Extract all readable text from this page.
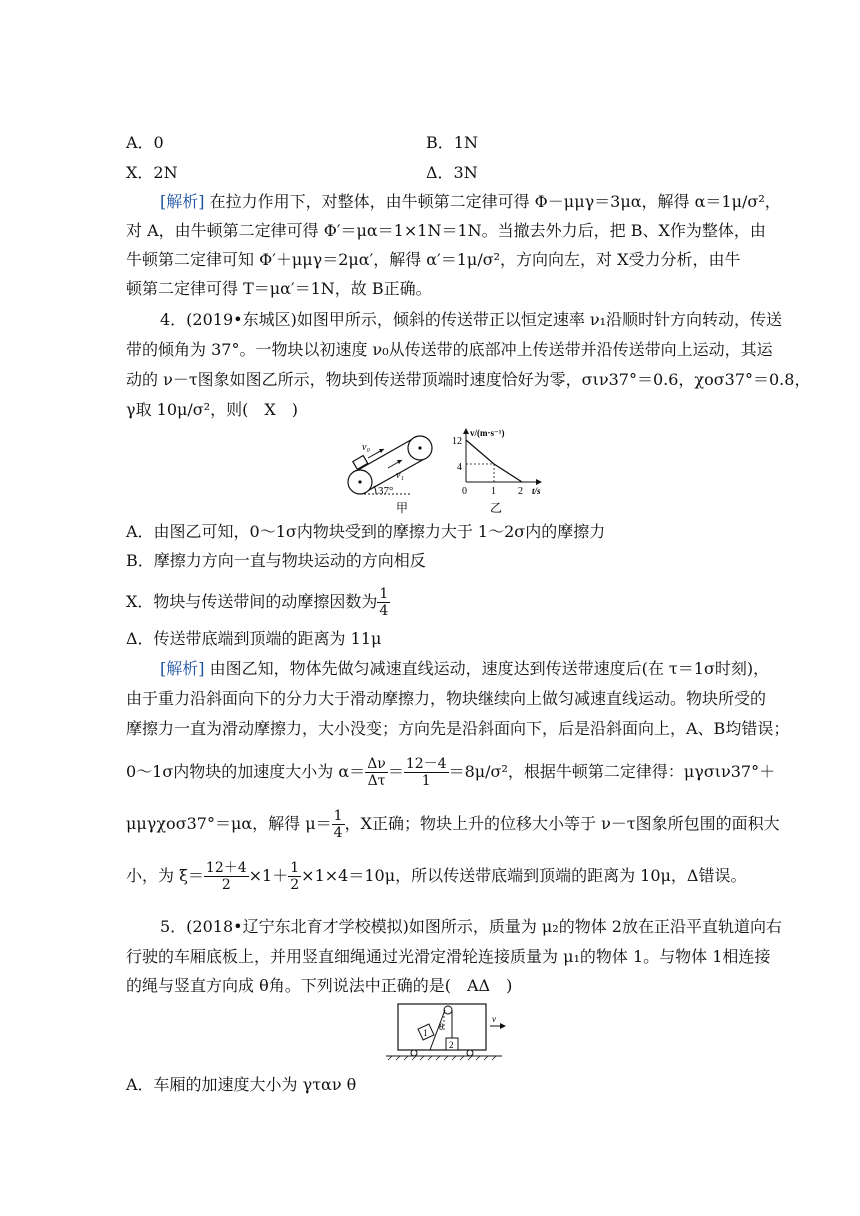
A．0	B．1N
X．2N	Δ．3N
[解析] 在拉力作用下，对整体，由牛顿第二定律可得 Φ－μμγ＝3μα，解得 α＝1μ/σ²，
对 A，由牛顿第二定律可得 Φ′＝μα＝1×1N＝1N。当撤去外力后，把 B、X作为整体，由
牛顿第二定律可知 Φ′＋μμγ＝2μα′，解得 α′＝1μ/σ²，方向向左，对 X受力分析，由牛
顿第二定律可得 T＝μα′＝1N，故 B正确。
4．(2019•东城区)如图甲所示，倾斜的传送带正以恒定速率 ν₁沿顺时针方向转动，传送
带的倾角为 37°。一物块以初速度 ν₀从传送带的底部冲上传送带并沿传送带向上运动，其运
动的 ν－τ图象如图乙所示，物块到传送带顶端时速度恰好为零，σιν37°＝0.6，χοσ37°＝0.8，
γ取 10μ/σ²，则(　X　)
v₀
v₁
37°
甲
v/(m·s⁻¹)
t/s
12
4
0 1 2
乙
A．由图乙可知，0～1σ内物块受到的摩擦力大于 1～2σ内的摩擦力
B．摩擦力方向一直与物块运动的方向相反
X．物块与传送带间的动摩擦因数为 $\frac{1}{4}$
Δ．传送带底端到顶端的距离为 11μ
[解析] 由图乙知，物体先做匀减速直线运动，速度达到传送带速度后(在 τ＝1σ时刻)，
由于重力沿斜面向下的分力大于滑动摩擦力，物块继续向上做匀减速直线运动。物块所受的
摩擦力一直为滑动摩擦力，大小没变；方向先是沿斜面向下，后是沿斜面向上，A、B均错误；
0～1σ内物块的加速度大小为 $\alpha= \frac{\Delta\nu}{\Delta\tau} = \frac{12-4}{1} =8\mu/\sigma^2$，根据牛顿第二定律得：μγσιν37°＋
μμγχοσ37°＝μα，解得 $\mu= \frac{1}{4}$ ，X正确；物块上升的位移大小等于 ν－τ图象所包围的面积大
小，为 $\xi= \frac{12+4}{2} \times 1+ \frac{1}{2} \times 1\times 4=10\mu$，所以传送带底端到顶端的距离为 10μ，Δ错误。
5．(2018•辽宁东北育才学校模拟)如图所示，质量为 μ₂的物体 2放在正沿平直轨道向右
行驶的车厢底板上，并用竖直细绳通过光滑定滑轮连接质量为 μ₁的物体 1。与物体 1相连接
的绳与竖直方向成 θ角。下列说法中正确的是(　AΔ　)
θ
1
2
v
A．车厢的加速度大小为 γταν θ
